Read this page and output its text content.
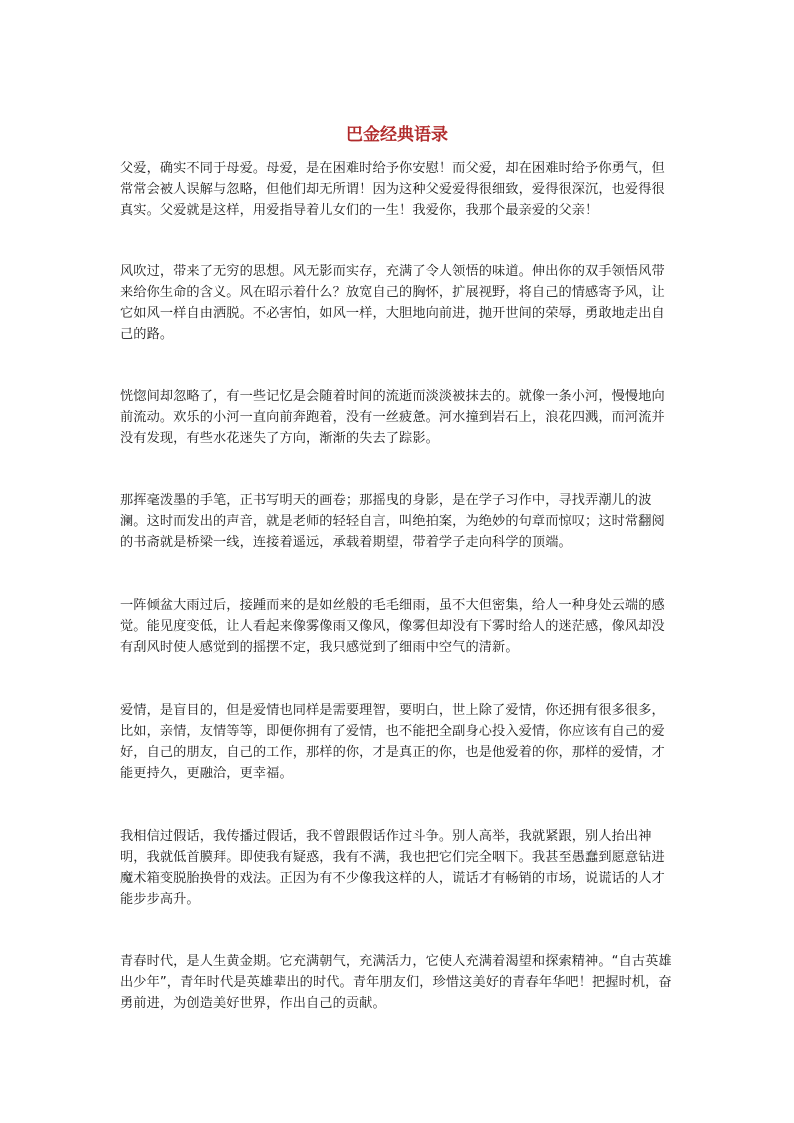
巴金经典语录

父爱，确实不同于母爱。母爱，是在困难时给予你安慰！而父爱，却在困难时给予你勇气，但常常会被人误解与忽略，但他们却无所谓！因为这种父爱爱得很细致，爱得很深沉，也爱得很真实。父爱就是这样，用爱指导着儿女们的一生！我爱你，我那个最亲爱的父亲！

风吹过，带来了无穷的思想。风无影而实存，充满了令人领悟的味道。伸出你的双手领悟风带来给你生命的含义。风在昭示着什么？放宽自己的胸怀，扩展视野，将自己的情感寄予风，让它如风一样自由洒脱。不必害怕，如风一样，大胆地向前进，抛开世间的荣辱，勇敢地走出自己的路。

恍惚间却忽略了，有一些记忆是会随着时间的流逝而淡淡被抹去的。就像一条小河，慢慢地向前流动。欢乐的小河一直向前奔跑着，没有一丝疲惫。河水撞到岩石上，浪花四溅，而河流并没有发现，有些水花迷失了方向，渐渐的失去了踪影。

那挥毫泼墨的手笔，正书写明天的画卷；那摇曳的身影，是在学子习作中，寻找弄潮儿的波澜。这时而发出的声音，就是老师的轻轻自言，叫绝拍案，为绝妙的句章而惊叹；这时常翻阅的书斋就是桥梁一线，连接着遥远，承载着期望，带着学子走向科学的顶端。

一阵倾盆大雨过后，接踵而来的是如丝般的毛毛细雨，虽不大但密集，给人一种身处云端的感觉。能见度变低，让人看起来像雾像雨又像风，像雾但却没有下雾时给人的迷茫感，像风却没有刮风时使人感觉到的摇摆不定，我只感觉到了细雨中空气的清新。

爱情，是盲目的，但是爱情也同样是需要理智，要明白，世上除了爱情，你还拥有很多很多，比如，亲情，友情等等，即便你拥有了爱情，也不能把全副身心投入爱情，你应该有自己的爱好，自己的朋友，自己的工作，那样的你，才是真正的你，也是他爱着的你，那样的爱情，才能更持久，更融洽，更幸福。

我相信过假话，我传播过假话，我不曾跟假话作过斗争。别人高举，我就紧跟，别人抬出神明，我就低首膜拜。即使我有疑惑，我有不满，我也把它们完全咽下。我甚至愚蠢到愿意钻进魔术箱变脱胎换骨的戏法。正因为有不少像我这样的人，谎话才有畅销的市场，说谎话的人才能步步高升。

青春时代，是人生黄金期。它充满朝气，充满活力，它使人充满着渴望和探索精神。“自古英雄出少年”，青年时代是英雄辈出的时代。青年朋友们，珍惜这美好的青春年华吧！把握时机，奋勇前进，为创造美好世界，作出自己的贡献。
